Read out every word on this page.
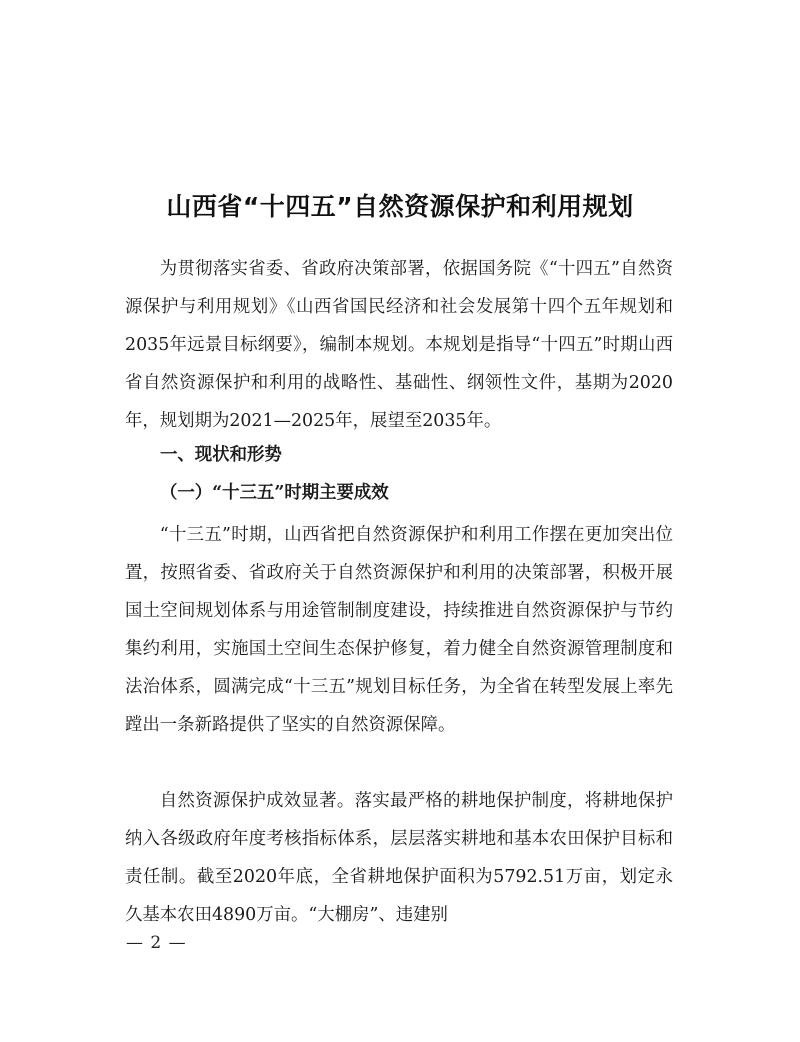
山西省“十四五”自然资源保护和利用规划

为贯彻落实省委、省政府决策部署，依据国务院《“十四五”自然资源保护与利用规划》《山西省国民经济和社会发展第十四个五年规划和2035年远景目标纲要》，编制本规划。本规划是指导“十四五”时期山西省自然资源保护和利用的战略性、基础性、纲领性文件，基期为2020年，规划期为2021—2025年，展望至2035年。

一、现状和形势
（一）“十三五”时期主要成效

“十三五”时期，山西省把自然资源保护和利用工作摆在更加突出位置，按照省委、省政府关于自然资源保护和利用的决策部署，积极开展国土空间规划体系与用途管制制度建设，持续推进自然资源保护与节约集约利用，实施国土空间生态保护修复，着力健全自然资源管理制度和法治体系，圆满完成“十三五”规划目标任务，为全省在转型发展上率先蹚出一条新路提供了坚实的自然资源保障。

自然资源保护成效显著。落实最严格的耕地保护制度，将耕地保护纳入各级政府年度考核指标体系，层层落实耕地和基本农田保护目标和责任制。截至2020年底，全省耕地保护面积为5792.51万亩，划定永久基本农田4890万亩。“大棚房”、违建别

— 2 —
